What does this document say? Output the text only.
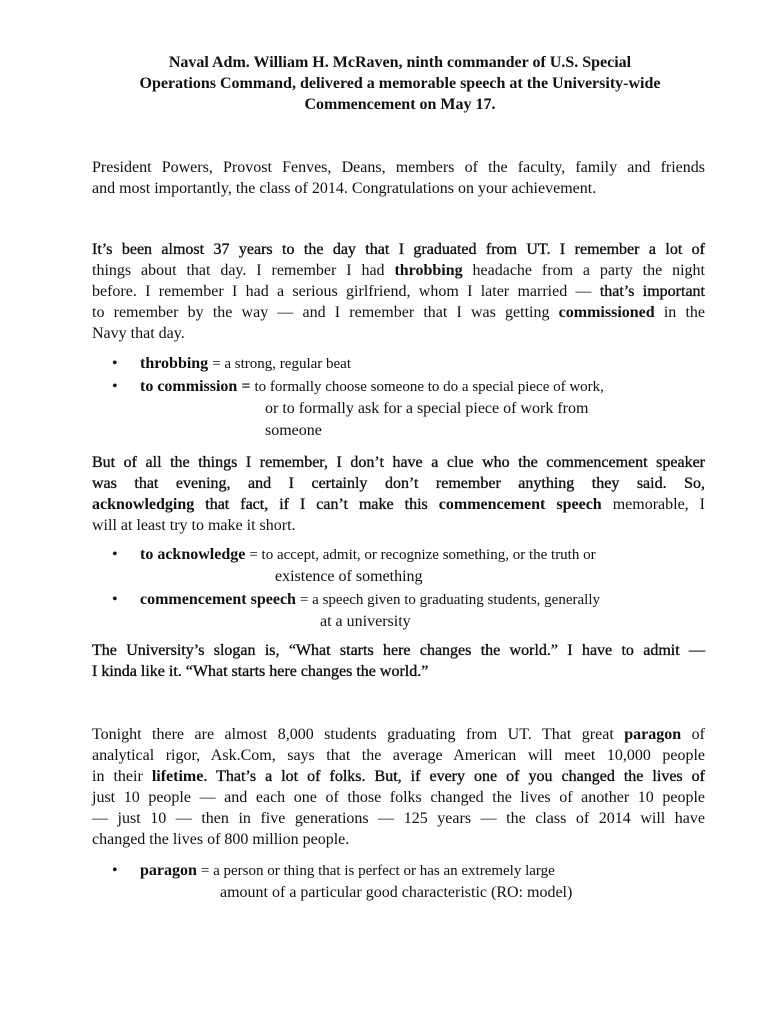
Naval Adm. William H. McRaven, ninth commander of U.S. Special
Operations Command, delivered a memorable speech at the University-wide
Commencement on May 17.
President Powers, Provost Fenves, Deans, members of the faculty, family and friends
and most importantly, the class of 2014. Congratulations on your achievement.
It’s been almost 37 years to the day that I graduated from UT. I remember a lot of
things about that day. I remember I had throbbing headache from a party the night
before. I remember I had a serious girlfriend, whom I later married — that’s important
to remember by the way — and I remember that I was getting commissioned in the
Navy that day.
But of all the things I remember, I don’t have a clue who the commencement speaker
was that evening, and I certainly don’t remember anything they said. So,
acknowledging that fact, if I can’t make this commencement speech memorable, I
will at least try to make it short.
The University’s slogan is, “What starts here changes the world.” I have to admit —
I kinda like it. “What starts here changes the world.”
Tonight there are almost 8,000 students graduating from UT. That great paragon of
analytical rigor, Ask.Com, says that the average American will meet 10,000 people
in their lifetime. That’s a lot of folks. But, if every one of you changed the lives of
just 10 people — and each one of those folks changed the lives of another 10 people
— just 10 — then in five generations — 125 years — the class of 2014 will have
changed the lives of 800 million people.
•	throbbing = a strong, regular beat
•	to commission = to formally choose someone to do a special piece of work,
or to formally ask for a special piece of work from
someone
•	to acknowledge = to accept, admit, or recognize something, or the truth or
existence of something
•	commencement speech = a speech given to graduating students, generally
at a university
•	paragon = a person or thing that is perfect or has an extremely large
amount of a particular good characteristic (RO: model)
